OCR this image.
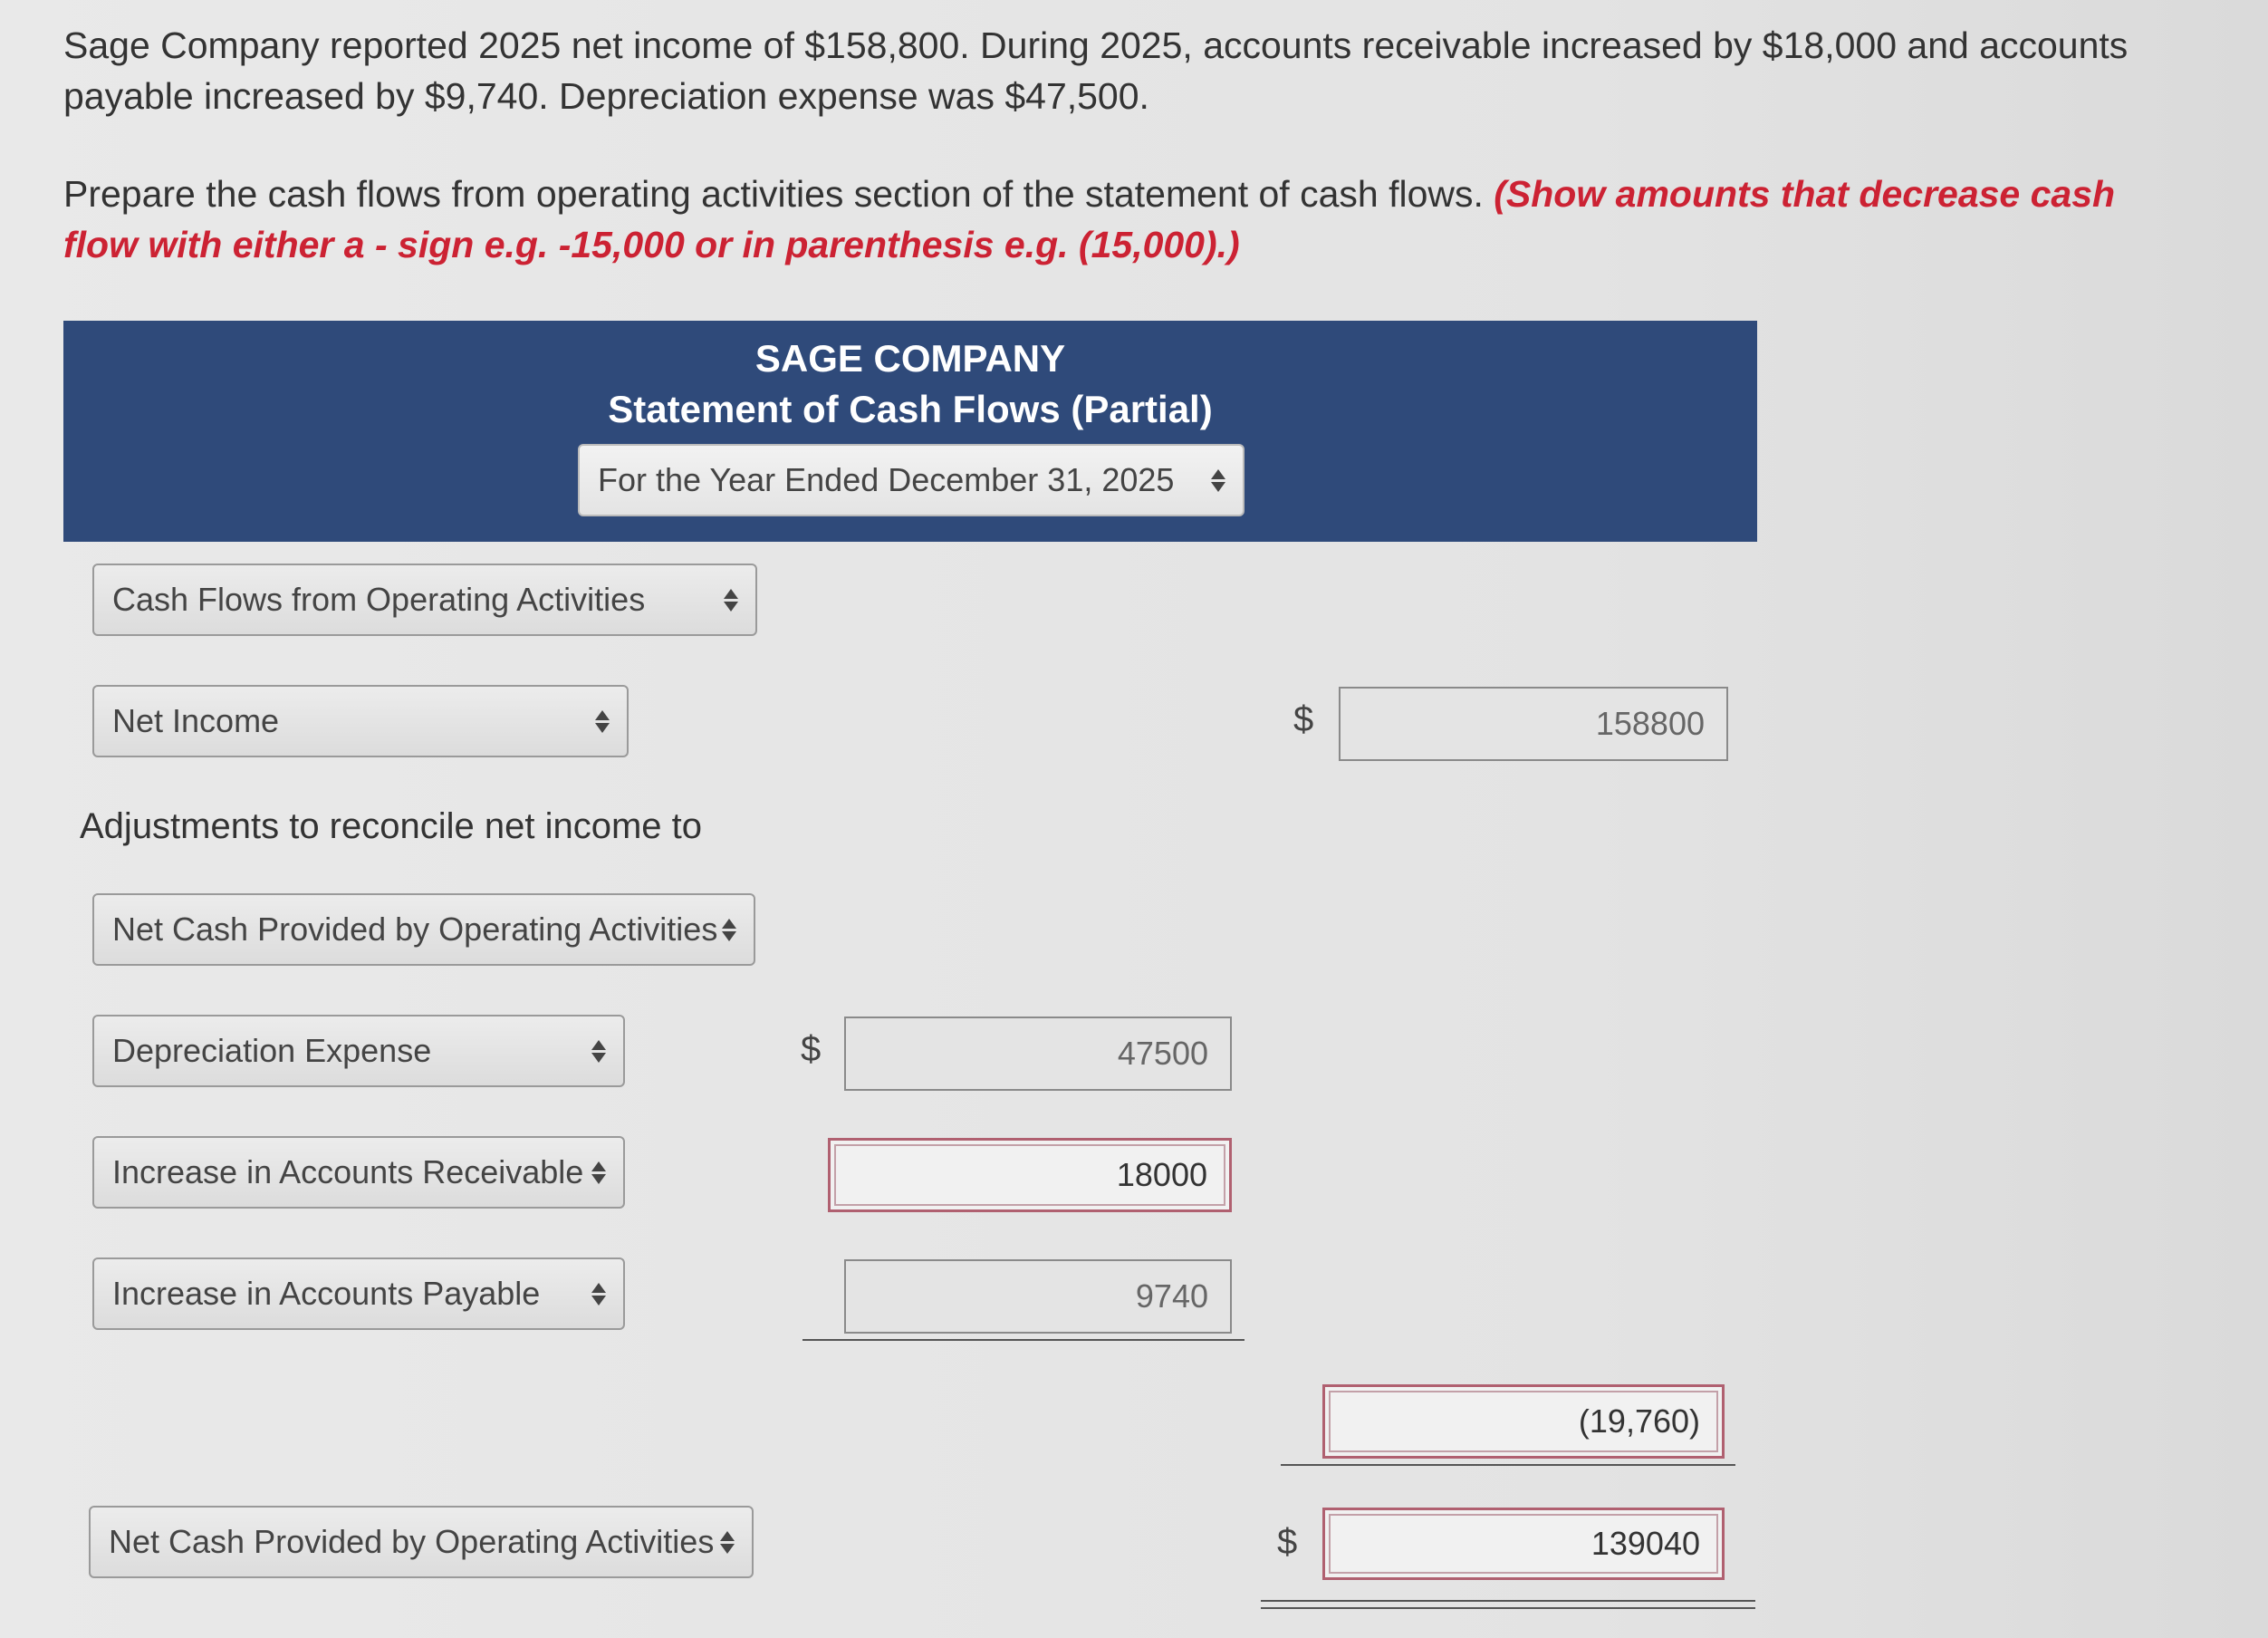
Sage Company reported 2025 net income of $158,800. During 2025, accounts receivable increased by $18,000 and accounts payable increased by $9,740. Depreciation expense was $47,500.
Prepare the cash flows from operating activities section of the statement of cash flows. (Show amounts that decrease cash flow with either a - sign e.g. -15,000 or in parenthesis e.g. (15,000).)
SAGE COMPANY
Statement of Cash Flows (Partial)
For the Year Ended December 31, 2025
Cash Flows from Operating Activities
Net Income	$	158800
Adjustments to reconcile net income to
Net Cash Provided by Operating Activities
Depreciation Expense	$	47500
Increase in Accounts Receivable	18000
Increase in Accounts Payable	9740
(19,760)
Net Cash Provided by Operating Activities	$	139040
